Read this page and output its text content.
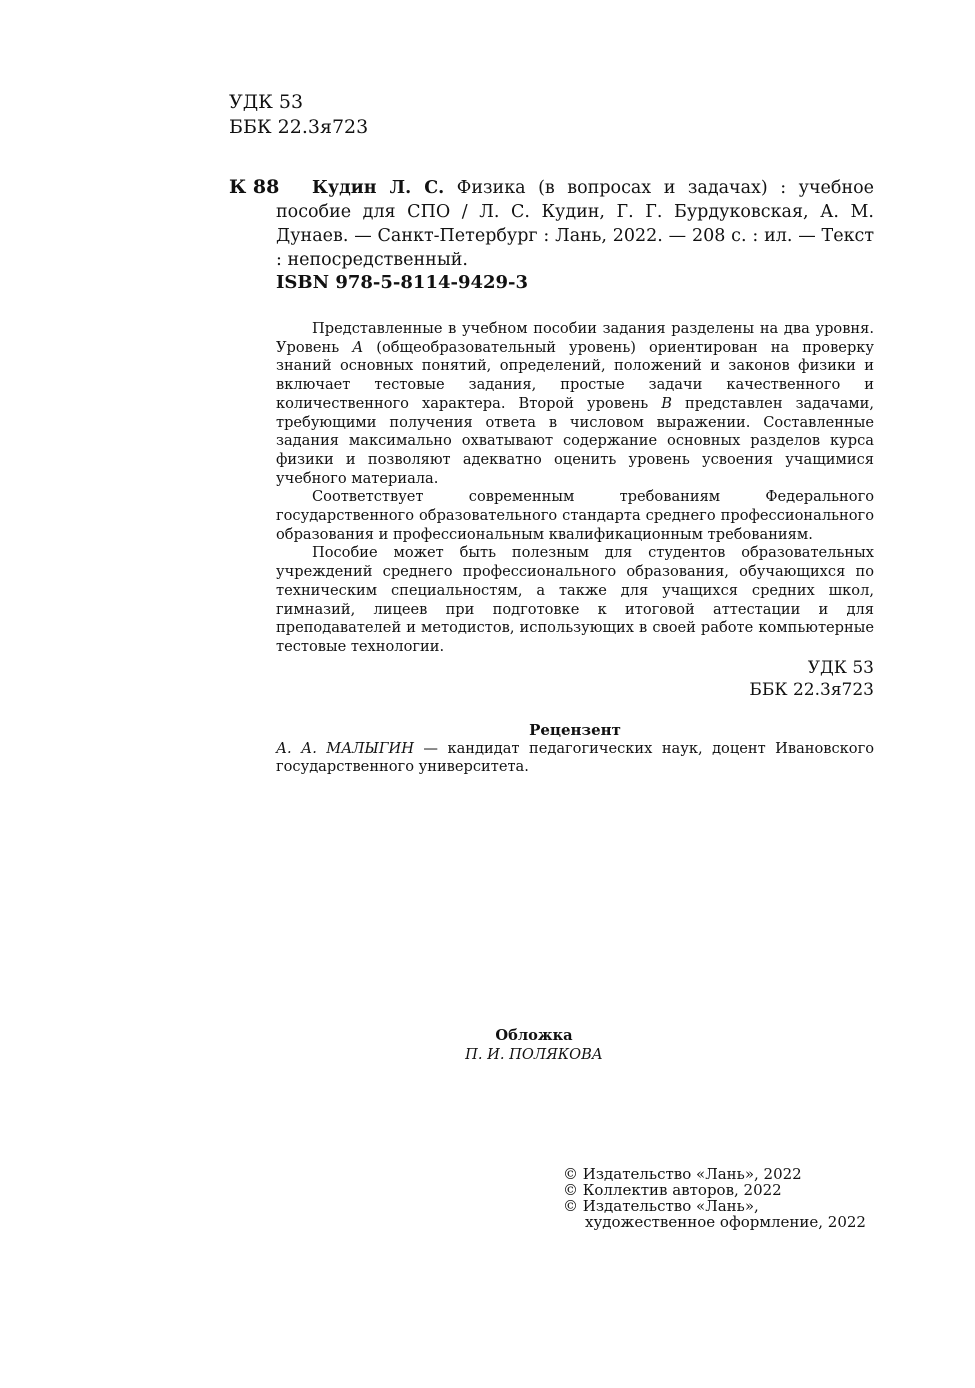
УДК 53
ББК 22.3я723
К 88	Кудин Л. С. Физика (в вопросах и задачах) : учебное пособие для СПО / Л. С. Кудин, Г. Г. Бурдуковская, А. М. Дунаев. — Санкт-Петербург : Лань, 2022. — 208 с. : ил. — Текст : непосредственный.
ISBN 978-5-8114-9429-3

Представленные в учебном пособии задания разделены на два уровня. Уровень А (общеобразовательный уровень) ориентирован на проверку знаний основных понятий, определений, положений и законов физики и включает тестовые задания, простые задачи качественного и количественного характера. Второй уровень В представлен задачами, требующими получения ответа в числовом выражении. Составленные задания максимально охватывают содержание основных разделов курса физики и позволяют адекватно оценить уровень усвоения учащимися учебного материала.

Соответствует современным требованиям Федерального государственного образовательного стандарта среднего профессионального образования и профессиональным квалификационным требованиям.

Пособие может быть полезным для студентов образовательных учреждений среднего профессионального образования, обучающихся по техническим специальностям, а также для учащихся средних школ, гимназий, лицеев при подготовке к итоговой аттестации и для преподавателей и методистов, использующих в своей работе компьютерные тестовые технологии.

УДК 53
ББК 22.3я723
Рецензент
А. А. МАЛЫГИН — кандидат педагогических наук, доцент Ивановского государственного университета.
Обложка
П. И. ПОЛЯКОВА
© Издательство «Лань», 2022
© Коллектив авторов, 2022
© Издательство «Лань»,
художественное оформление, 2022
